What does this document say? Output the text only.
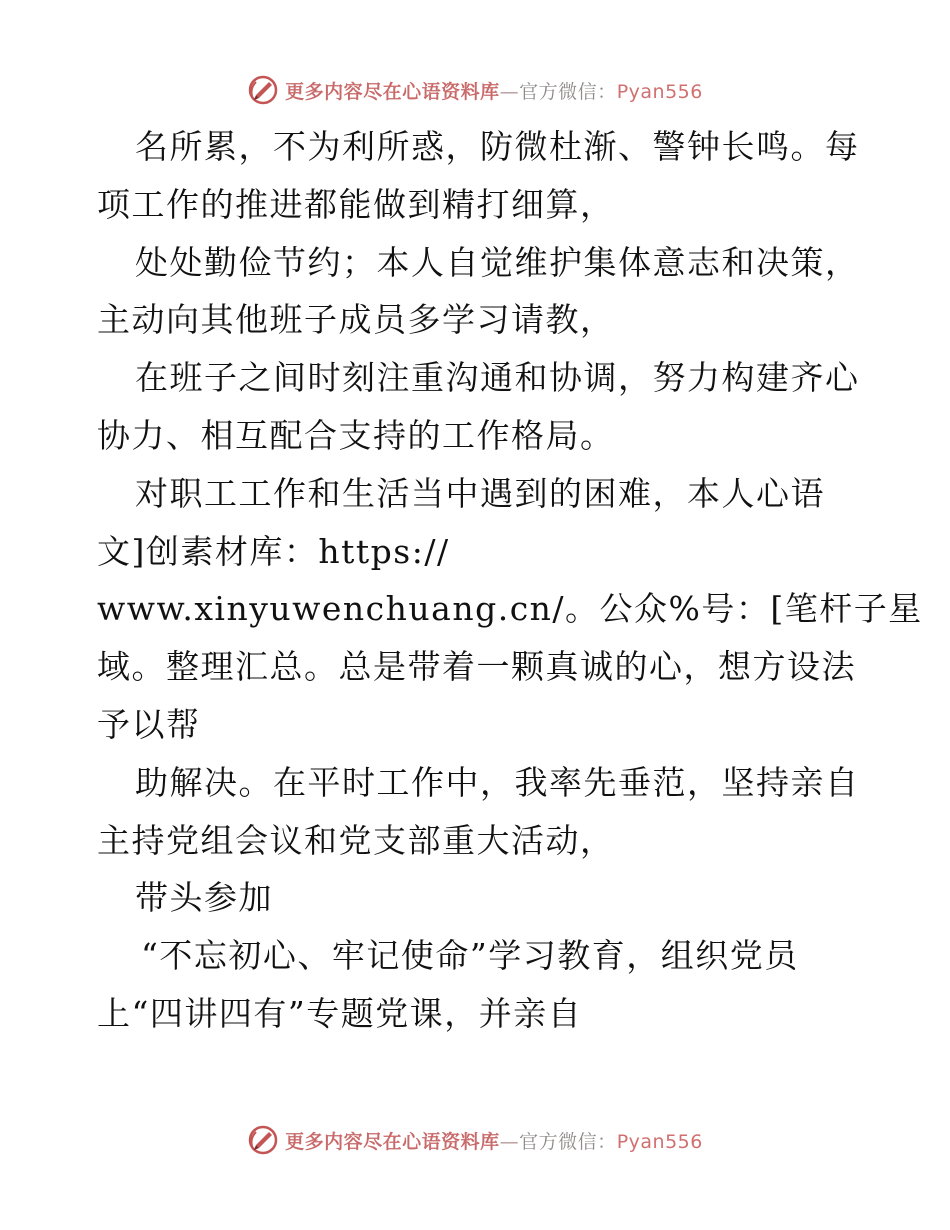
更多内容尽在心语资料库—官方微信：Pyan556
名所累，不为利所惑，防微杜渐、警钟长鸣。每
项工作的推进都能做到精打细算，
处处勤俭节约；本人自觉维护集体意志和决策，
主动向其他班子成员多学习请教，
在班子之间时刻注重沟通和协调，努力构建齐心
协力、相互配合支持的工作格局。
对职工工作和生活当中遇到的困难，本人心语
文]创素材库：https://
www.xinyuwenchuang.cn/。公众%号：[笔杆子星
域。整理汇总。总是带着一颗真诚的心，想方设法
予以帮
助解决。在平时工作中，我率先垂范，坚持亲自
主持党组会议和党支部重大活动，
带头参加
“不忘初心、牢记使命”学习教育，组织党员
上“四讲四有”专题党课，并亲自
更多内容尽在心语资料库—官方微信：Pyan556
